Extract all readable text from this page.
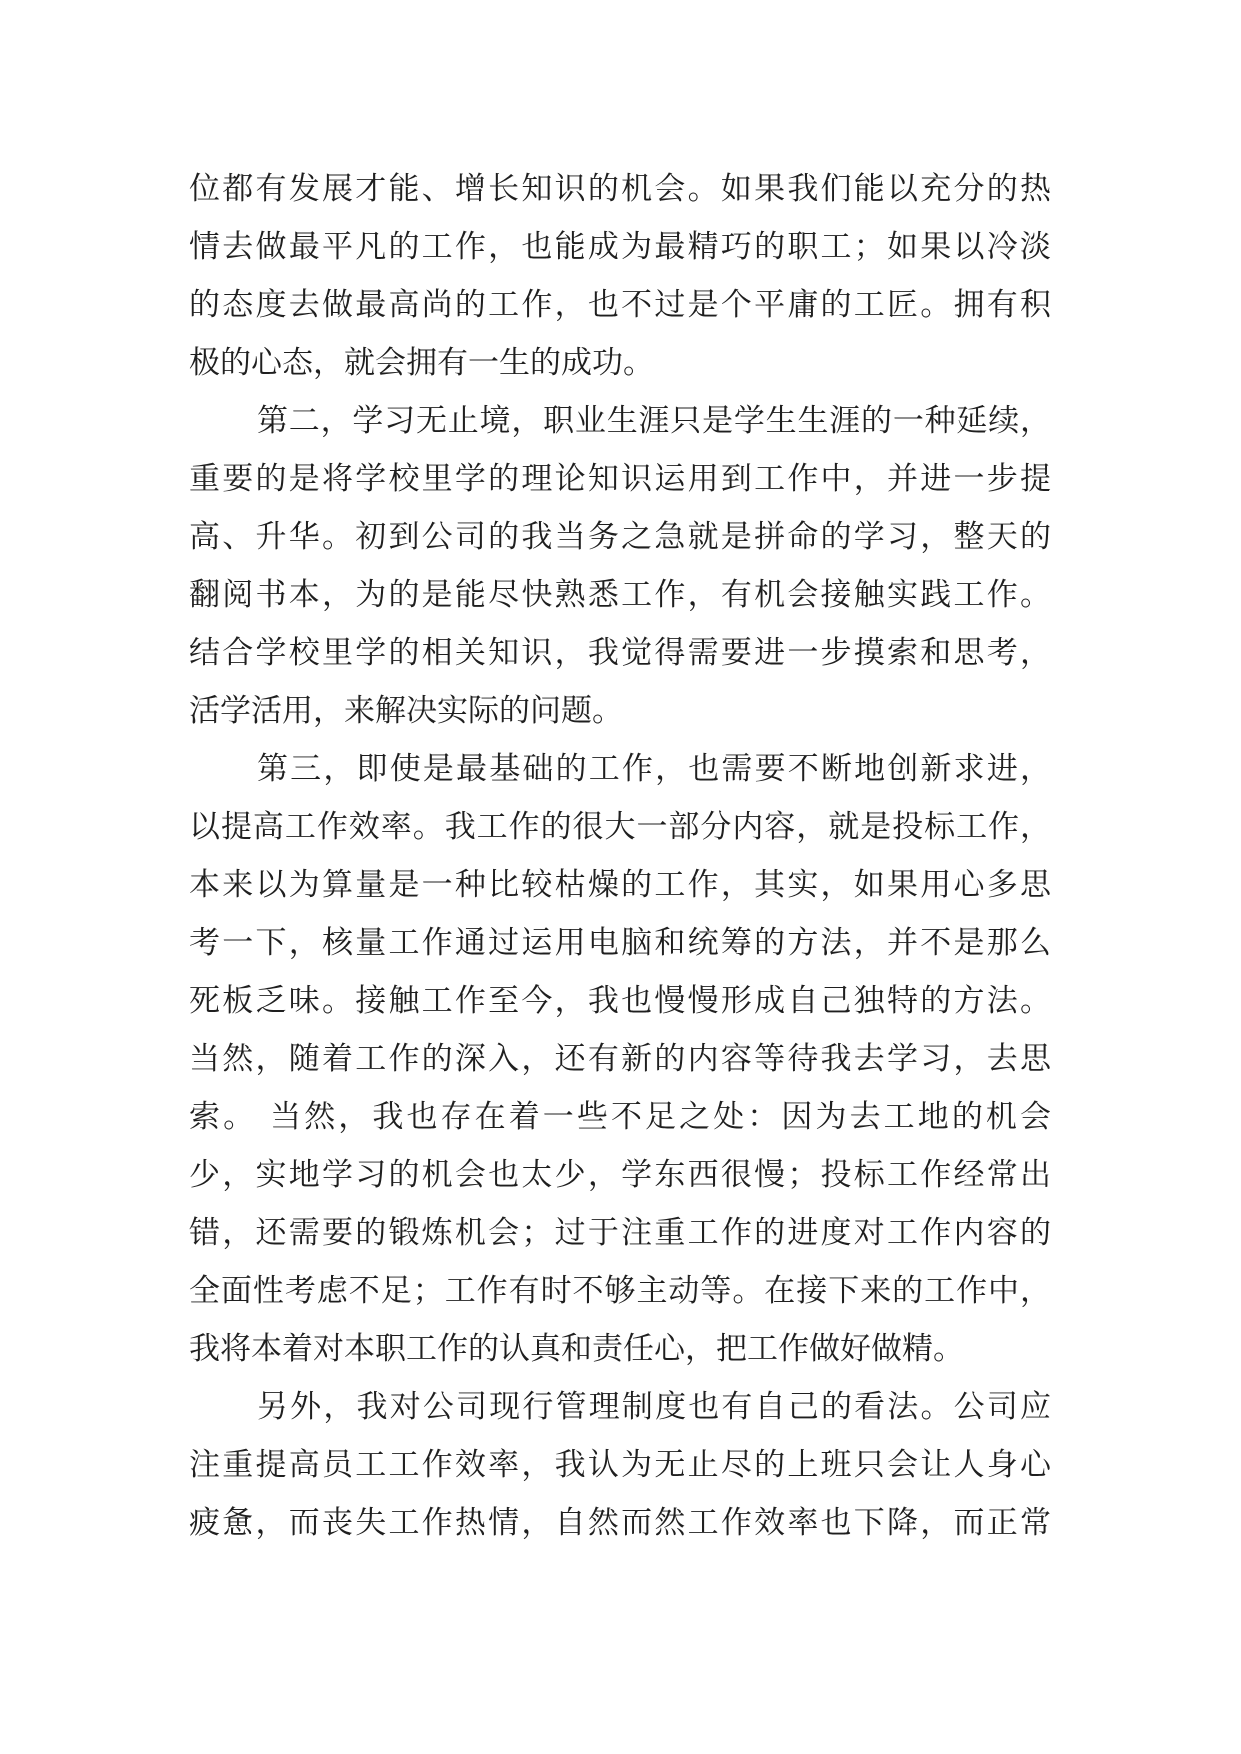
位都有发展才能、增长知识的机会。如果我们能以充分的热
情去做最平凡的工作，也能成为最精巧的职工；如果以冷淡
的态度去做最高尚的工作，也不过是个平庸的工匠。拥有积
极的心态，就会拥有一生的成功。
第二，学习无止境，职业生涯只是学生生涯的一种延续，
重要的是将学校里学的理论知识运用到工作中，并进一步提
高、升华。初到公司的我当务之急就是拼命的学习，整天的
翻阅书本，为的是能尽快熟悉工作，有机会接触实践工作。
结合学校里学的相关知识，我觉得需要进一步摸索和思考，
活学活用，来解决实际的问题。
第三，即使是最基础的工作，也需要不断地创新求进，
以提高工作效率。我工作的很大一部分内容，就是投标工作，
本来以为算量是一种比较枯燥的工作，其实，如果用心多思
考一下，核量工作通过运用电脑和统筹的方法，并不是那么
死板乏味。接触工作至今，我也慢慢形成自己独特的方法。
当然，随着工作的深入，还有新的内容等待我去学习，去思
索。 当然，我也存在着一些不足之处：因为去工地的机会
少，实地学习的机会也太少，学东西很慢；投标工作经常出
错，还需要的锻炼机会；过于注重工作的进度对工作内容的
全面性考虑不足；工作有时不够主动等。在接下来的工作中，
我将本着对本职工作的认真和责任心，把工作做好做精。
另外，我对公司现行管理制度也有自己的看法。公司应
注重提高员工工作效率，我认为无止尽的上班只会让人身心
疲惫，而丧失工作热情，自然而然工作效率也下降，而正常
